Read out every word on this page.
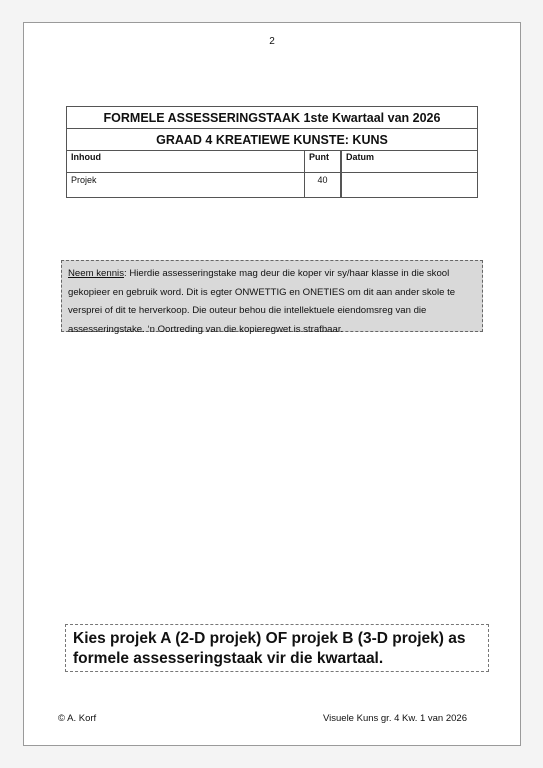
2
FORMELE ASSESSERINGSTAAK 1ste Kwartaal van 2026		
GRAAD 4 KREATIEWE KUNSTE: KUNS		
Inhoud	Punt	Datum
Projek	40	
Neem kennis: Hierdie assesseringstake mag deur die koper vir sy/haar klasse in die skool gekopieer en gebruik word. Dit is egter ONWETTIG en ONETIES om dit aan ander skole te versprei of dit te herverkoop. Die outeur behou die intellektuele eiendomsreg van die assesseringstake. ‘n Oortreding van die kopieregwet is strafbaar.
Kies projek A (2-D projek) OF projek B (3-D projek) as formele assesseringstaak vir die kwartaal.
© A. Korf	Visuele Kuns gr. 4 Kw. 1 van 2026
